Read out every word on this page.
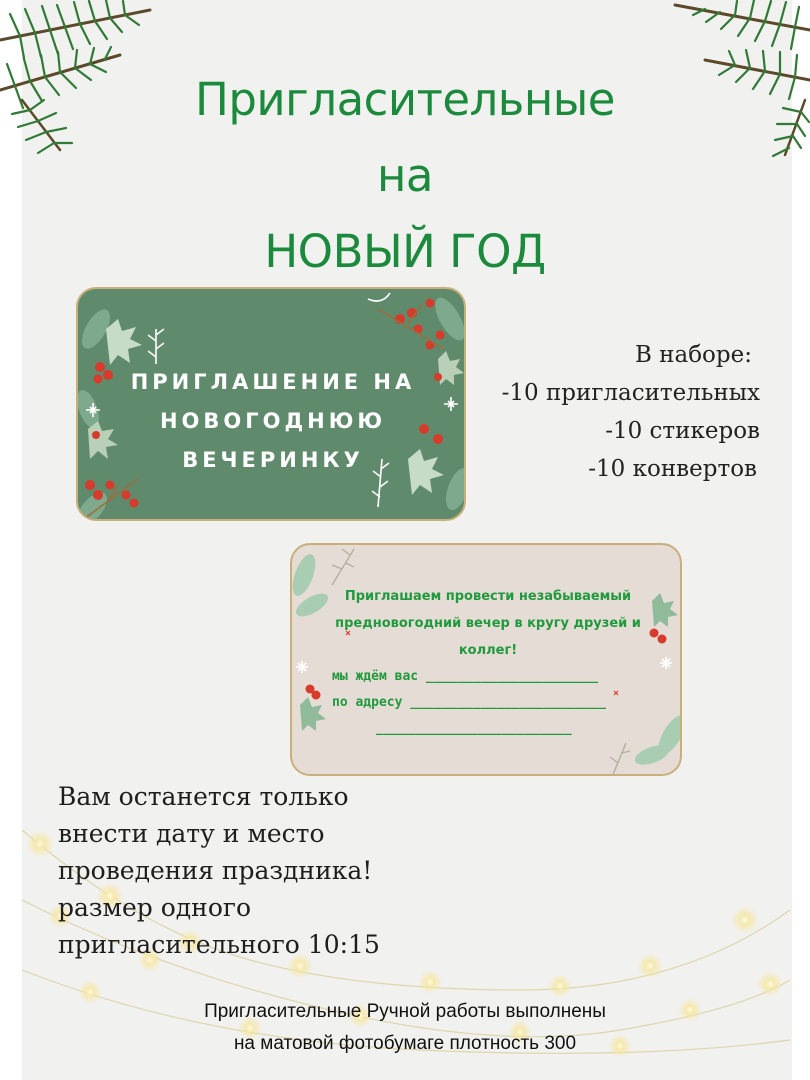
Пригласительные
на
НОВЫЙ ГОД
ПРИГЛАШЕНИЕ НА
НОВОГОДНЮЮ
ВЕЧЕРИНКУ
В наборе:
-10 пригласительных
-10 стикеров
-10 конвертов
Приглашаем провести незабываемый
предновогодний вечер в кругу друзей и
коллег!
мы ждём вас ______________________
по адресу _________________________
_________________________
Вам останется только
внести дату и место
проведения праздника!
размер одного
пригласительного 10:15
Пригласительные Ручной работы выполнены
на матовой фотобумаге плотность 300
